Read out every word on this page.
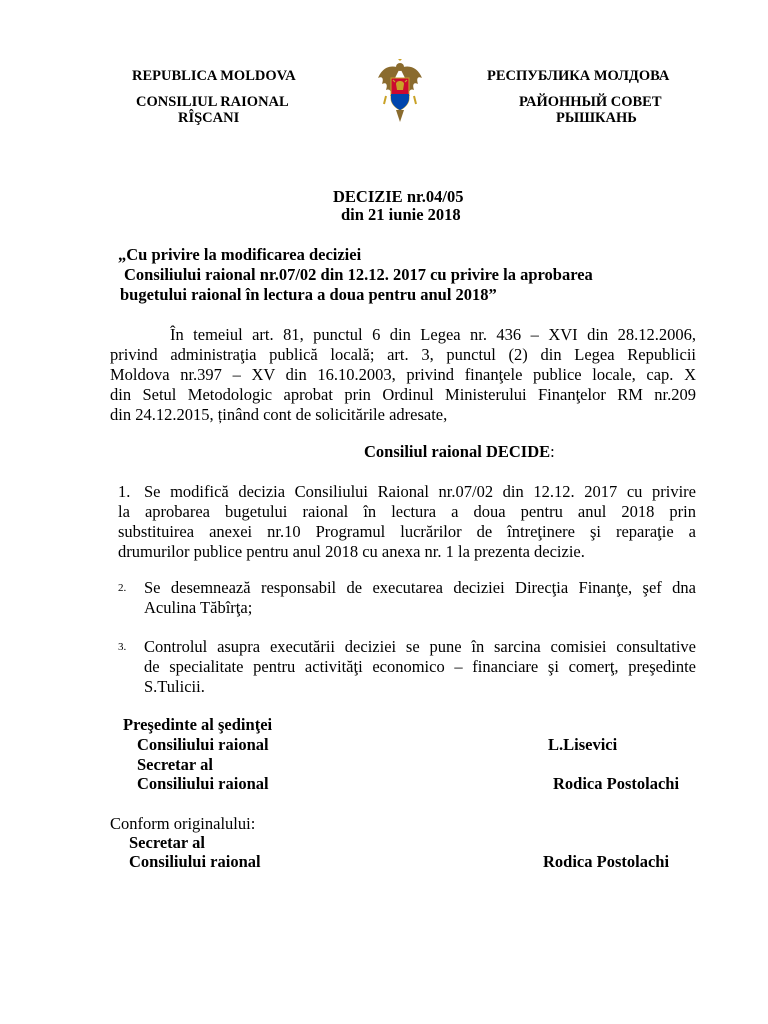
REPUBLICA MOLDOVA
CONSILIUL RAIONAL
RÎŞCANI
РЕСПУБЛИКА МОЛДОВА
РАЙОННЫЙ СОВЕТ
РЫШКАНЬ
DECIZIE nr.04/05
din 21 iunie 2018
„Cu privire la modificarea deciziei
Consiliului raional nr.07/02 din 12.12. 2017 cu privire la aprobarea
bugetului raional în lectura a doua pentru anul 2018”
În temeiul art. 81, punctul 6 din Legea nr. 436 – XVI din 28.12.2006,
privind administraţia publică locală; art. 3, punctul (2) din Legea Republicii
Moldova nr.397 – XV din 16.10.2003, privind finanţele publice locale, cap. X
din Setul Metodologic aprobat prin Ordinul Ministerului Finanţelor RM nr.209
din 24.12.2015, ținând cont de solicitările adresate,
Consiliul raional DECIDE:
1. Se modifică decizia Consiliului Raional nr.07/02 din 12.12. 2017 cu privire
la aprobarea bugetului raional în lectura a doua pentru anul 2018 prin
substituirea anexei nr.10 Programul lucrărilor de întreţinere şi reparaţie a
drumurilor publice pentru anul 2018 cu anexa nr. 1 la prezenta decizie.
2. Se desemnează responsabil de executarea deciziei Direcţia Finanţe, şef dna
Aculina Tăbîrţa;
3. Controlul asupra executării deciziei se pune în sarcina comisiei consultative
de specialitate pentru activităţi economico – financiare şi comerţ, preşedinte
S.Tulicii.
Preşedinte al şedinţei
Consiliului raional	L.Lisevici
Secretar al
Consiliului raional	Rodica Postolachi
Conform originalului:
Secretar al
Consiliului raional	Rodica Postolachi
